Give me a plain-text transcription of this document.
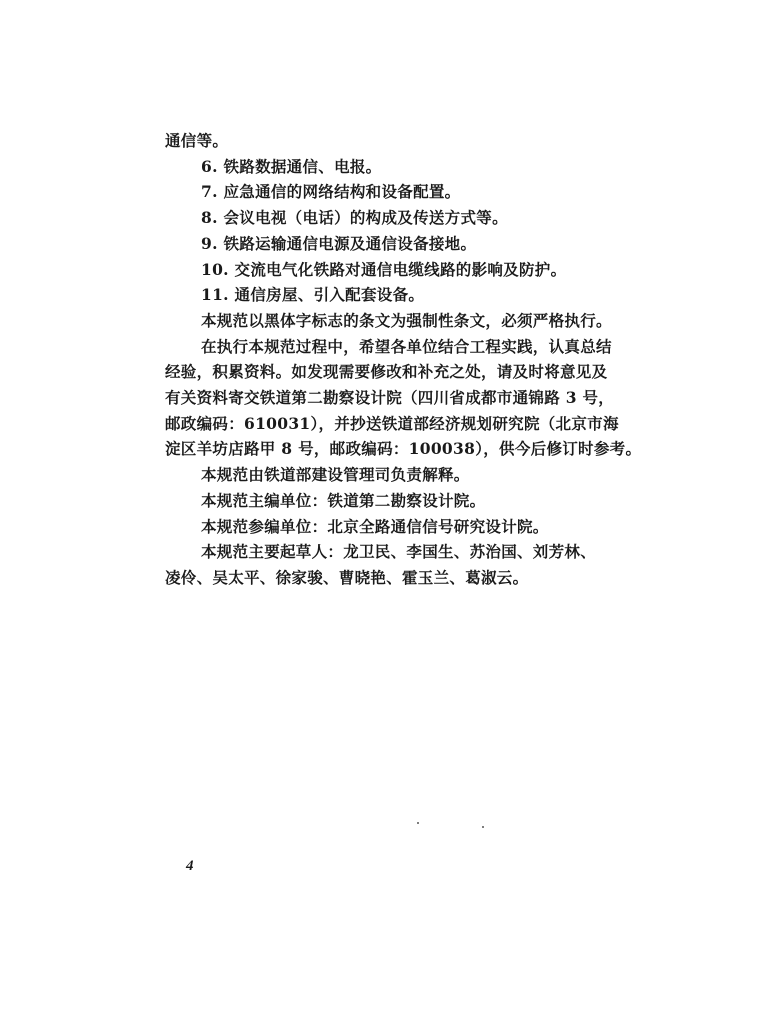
通信等。
6. 铁路数据通信、电报。
7. 应急通信的网络结构和设备配置。
8. 会议电视（电话）的构成及传送方式等。
9. 铁路运输通信电源及通信设备接地。
10. 交流电气化铁路对通信电缆线路的影响及防护。
11. 通信房屋、引入配套设备。
本规范以黑体字标志的条文为强制性条文，必须严格执行。
在执行本规范过程中，希望各单位结合工程实践，认真总结
经验，积累资料。如发现需要修改和补充之处，请及时将意见及
有关资料寄交铁道第二勘察设计院（四川省成都市通锦路 3 号，
邮政编码：610031），并抄送铁道部经济规划研究院（北京市海
淀区羊坊店路甲 8 号，邮政编码：100038），供今后修订时参考。
本规范由铁道部建设管理司负责解释。
本规范主编单位：铁道第二勘察设计院。
本规范参编单位：北京全路通信信号研究设计院。
本规范主要起草人：龙卫民、李国生、苏治国、刘芳林、
凌伶、吴太平、徐家骏、曹晓艳、霍玉兰、葛淑云。
4
